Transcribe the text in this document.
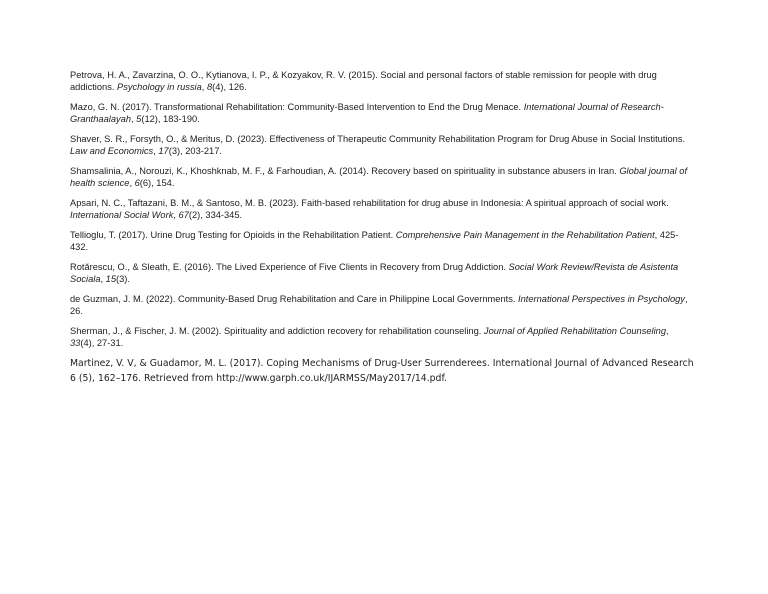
Petrova, H. A., Zavarzina, O. O., Kytianova, I. P., & Kozyakov, R. V. (2015). Social and personal factors of stable remission for people with drug addictions. Psychology in russia, 8(4), 126.

Mazo, G. N. (2017). Transformational Rehabilitation: Community-Based Intervention to End the Drug Menace. International Journal of Research-Granthaalayah, 5(12), 183-190.

Shaver, S. R., Forsyth, O., & Meritus, D. (2023). Effectiveness of Therapeutic Community Rehabilitation Program for Drug Abuse in Social Institutions. Law and Economics, 17(3), 203-217.

Shamsalinia, A., Norouzi, K., Khoshknab, M. F., & Farhoudian, A. (2014). Recovery based on spirituality in substance abusers in Iran. Global journal of health science, 6(6), 154.

Apsari, N. C., Taftazani, B. M., & Santoso, M. B. (2023). Faith-based rehabilitation for drug abuse in Indonesia: A spiritual approach of social work. International Social Work, 67(2), 334-345.

Tellioglu, T. (2017). Urine Drug Testing for Opioids in the Rehabilitation Patient. Comprehensive Pain Management in the Rehabilitation Patient, 425-432.

Rotărescu, O., & Sleath, E. (2016). The Lived Experience of Five Clients in Recovery from Drug Addiction. Social Work Review/Revista de Asistenta Sociala, 15(3).

de Guzman, J. M. (2022). Community-Based Drug Rehabilitation and Care in Philippine Local Governments. International Perspectives in Psychology, 26.

Sherman, J., & Fischer, J. M. (2002). Spirituality and addiction recovery for rehabilitation counseling. Journal of Applied Rehabilitation Counseling, 33(4), 27-31.

Martinez, V. V, & Guadamor, M. L. (2017). Coping Mechanisms of Drug-User Surrenderees. International Journal of Advanced Research 6 (5), 162–176. Retrieved from http://www.garph.co.uk/IJARMSS/May2017/14.pdf.
